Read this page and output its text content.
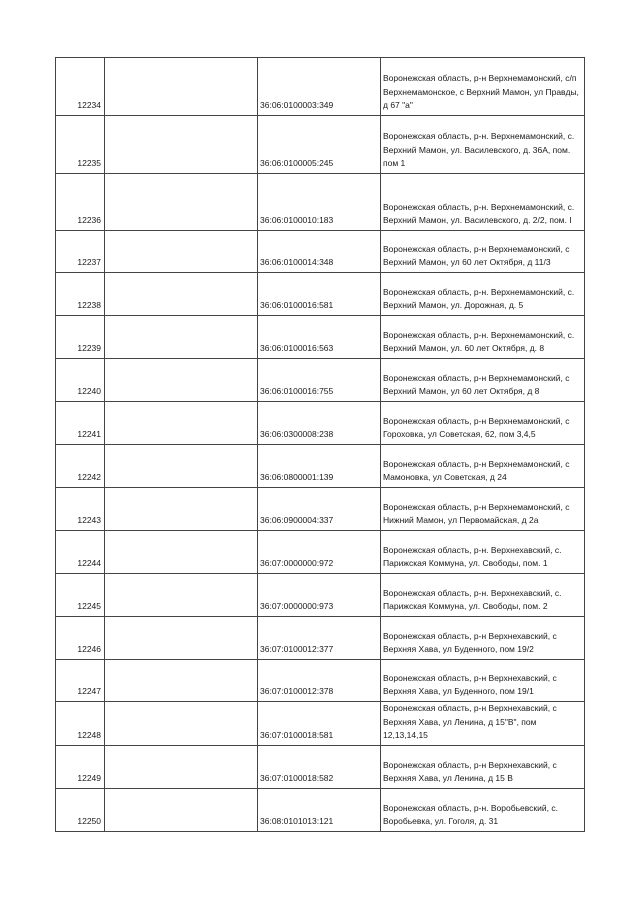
12234		36:06:0100003:349	Воронежская область, р-н Верхнемамонский, с/п Верхнемамонское, с Верхний Мамон, ул Правды, д 67 "а"

12235		36:06:0100005:245	Воронежская область, р-н. Верхнемамонский, с. Верхний Мамон, ул. Василевского, д. 36А, пом. пом 1

12236		36:06:0100010:183	Воронежская область, р-н. Верхнемамонский, с. Верхний Мамон, ул. Василевского, д. 2/2, пом. I

12237		36:06:0100014:348	Воронежская область, р-н Верхнемамонский, с Верхний Мамон, ул 60 лет Октября, д 11/3

12238		36:06:0100016:581	Воронежская область, р-н. Верхнемамонский, с. Верхний Мамон, ул. Дорожная, д. 5

12239		36:06:0100016:563	Воронежская область, р-н. Верхнемамонский, с. Верхний Мамон, ул. 60 лет Октября, д. 8

12240		36:06:0100016:755	Воронежская область, р-н Верхнемамонский, с Верхний Мамон, ул 60 лет Октября, д 8

12241		36:06:0300008:238	Воронежская область, р-н Верхнемамонский, с Гороховка, ул Советская, 62, пом 3,4,5

12242		36:06:0800001:139	Воронежская область, р-н Верхнемамонский, с Мамоновка, ул Советская, д 24

12243		36:06:0900004:337	Воронежская область, р-н Верхнемамонский, с Нижний Мамон, ул Первомайская, д 2а

12244		36:07:0000000:972	Воронежская область, р-н. Верхнехавский, с. Парижская Коммуна, ул. Свободы, пом. 1

12245		36:07:0000000:973	Воронежская область, р-н. Верхнехавский, с. Парижская Коммуна, ул. Свободы, пом. 2

12246		36:07:0100012:377	Воронежская область, р-н Верхнехавский, с Верхняя Хава, ул Буденного, пом 19/2

12247		36:07:0100012:378	Воронежская область, р-н Верхнехавский, с Верхняя Хава, ул Буденного, пом 19/1

12248		36:07:0100018:581	Воронежская область, р-н Верхнехавский, с Верхняя Хава, ул Ленина, д 15"В", пом 12,13,14,15

12249		36:07:0100018:582	Воронежская область, р-н Верхнехавский, с Верхняя Хава, ул Ленина, д 15 В

12250		36:08:0101013:121	Воронежская область, р-н. Воробьевский, с. Воробьевка, ул. Гоголя, д. 31
